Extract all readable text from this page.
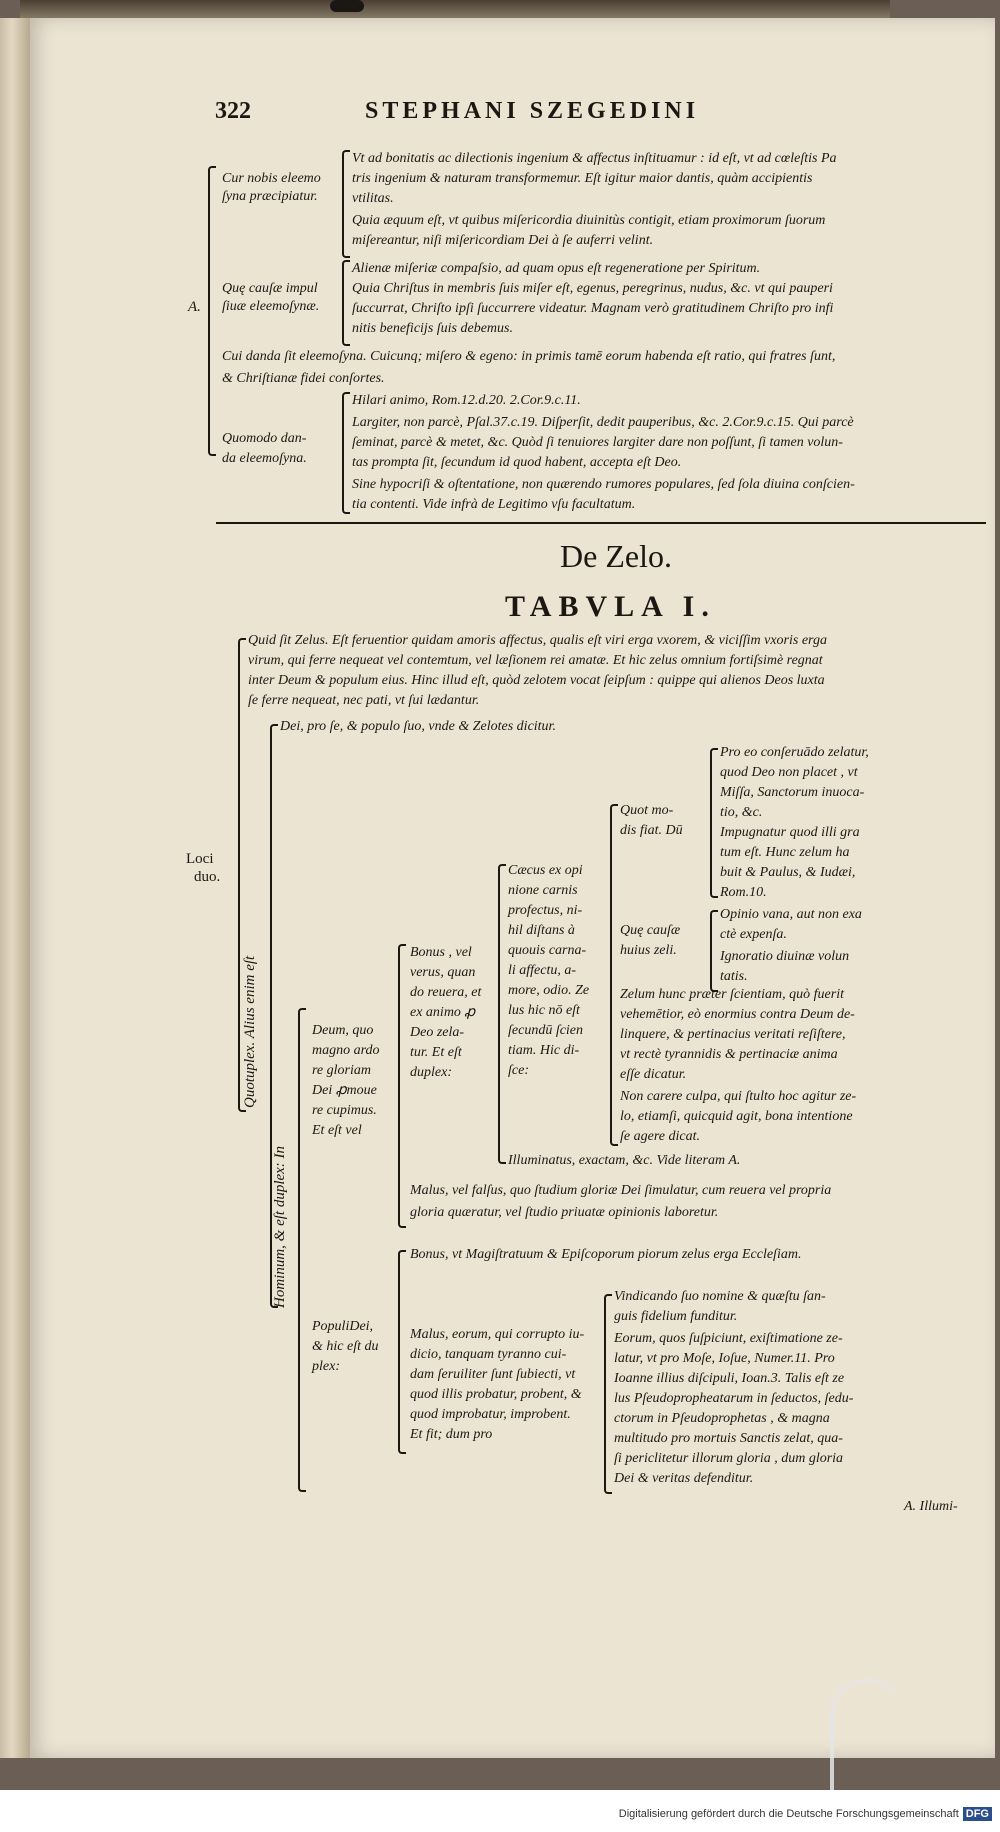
322	STEPHANI SZEGEDINI
A.
Cur nobis eleemo
ſyna præcipiatur.
Vt ad bonitatis ac dilectionis ingenium & affectus inſtituamur : id eſt, vt ad cœleſtis Pa
tris ingenium & naturam transformemur. Eſt igitur maior dantis, quàm accipientis
vtilitas.
Quia æquum eſt, vt quibus miſericordia diuinitùs contigit, etiam proximorum ſuorum
miſereantur, niſi miſericordiam Dei à ſe auferri velint.
Quę cauſæ impul
ſiuæ eleemoſynæ.
Alienæ miſeriæ compaſsio, ad quam opus eſt regeneratione per Spiritum.
Quia Chriſtus in membris ſuis miſer eſt, egenus, peregrinus, nudus, &c. vt qui pauperi
ſuccurrat, Chriſto ipſi ſuccurrere videatur. Magnam verò gratitudinem Chriſto pro infi
nitis beneficijs ſuis debemus.
Cui danda ſit eleemoſyna. Cuicunq; miſero & egeno: in primis tamē eorum habenda eſt ratio, qui fratres ſunt,
& Chriſtianæ fidei conſortes.
Quomodo dan-
da eleemoſyna.
Hilari animo, Rom.12.d.20. 2.Cor.9.c.11.
Largiter, non parcè, Pſal.37.c.19. Diſperſit, dedit pauperibus, &c. 2.Cor.9.c.15. Qui parcè
ſeminat, parcè & metet, &c. Quòd ſi tenuiores largiter dare non poſſunt, ſi tamen volun-
tas prompta ſit, ſecundum id quod habent, accepta eſt Deo.
Sine hypocriſi & oſtentatione, non quærendo rumores populares, ſed ſola diuina conſcien-
tia contenti. Vide infrà de Legitimo vſu facultatum.
De Zelo.
TABVLA I.
Loci
duo.
Quid ſit Zelus. Eſt feruentior quidam amoris affectus, qualis eſt viri erga vxorem, & viciſſim vxoris erga
virum, qui ferre nequeat vel contemtum, vel læſionem rei amatæ. Et hic zelus omnium fortiſsimè regnat
inter Deum & populum eius. Hinc illud eſt, quòd zelotem vocat ſeipſum : quippe qui alienos Deos luxta
ſe ferre nequeat, nec pati, vt ſui lædantur.
Quotuplex. Alius enim eſt
Dei, pro ſe, & populo ſuo, vnde & Zelotes dicitur.
Hominum, & eſt duplex: In
Deum, quo
magno ardo
re gloriam
Dei ꝓmoue
re cupimus.
Et eſt vel
Bonus , vel
verus, quan
do reuera, et
ex animo ꝓ
Deo zela-
tur. Et eſt
duplex:
Cæcus ex opi
nione carnis
profectus, ni-
hil diſtans à
quouis carna-
li affectu, a-
more, odio. Ze
lus hic nō eſt
ſecundū ſcien
tiam. Hic di-
ſce:
Quot mo-
dis fiat. Dū
Pro eo conſeruādo zelatur,
quod Deo non placet , vt
Miſſa, Sanctorum inuoca-
tio, &c.
Impugnatur quod illi gra
tum eſt. Hunc zelum ha
buit & Paulus, & Iudæi,
Rom.10.
Quę cauſæ
huius zeli.
Opinio vana, aut non exa
ctè expenſa.
Ignoratio diuinæ volun
tatis.
Zelum hunc præter ſcientiam, quò fuerit
vehemētior, eò enormius contra Deum de-
linquere, & pertinacius veritati reſiſtere,
vt rectè tyrannidis & pertinaciæ anima
eſſe dicatur.
Non carere culpa, qui ſtulto hoc agitur ze-
lo, etiamſi, quicquid agit, bona intentione
ſe agere dicat.
Illuminatus, exactam, &c. Vide literam A.
Malus, vel falſus, quo ſtudium gloriæ Dei ſimulatur, cum reuera vel propria
gloria quæratur, vel ſtudio priuatæ opinionis laboretur.
Bonus, vt Magiſtratuum & Epiſcoporum piorum zelus erga Eccleſiam.
PopuliDei,
& hic eſt du
plex:
Malus, eorum, qui corrupto iu-
dicio, tanquam tyranno cui-
dam ſeruiliter ſunt ſubiecti, vt
quod illis probatur, probent, &
quod improbatur, improbent.
Et fit; dum pro
Vindicando ſuo nomine & quæſtu ſan-
guis fidelium funditur.
Eorum, quos ſuſpiciunt, exiſtimatione ze-
latur, vt pro Moſe, Ioſue, Numer.11. Pro
Ioanne illius diſcipuli, Ioan.3. Talis eſt ze
lus Pſeudopropheatarum in ſeductos, ſedu-
ctorum in Pſeudoprophetas , & magna
multitudo pro mortuis Sanctis zelat, qua-
ſi periclitetur illorum gloria , dum gloria
Dei & veritas defenditur.
A. Illumi-
Digitalisierung gefördert durch die Deutsche Forschungsgemeinschaft DFG
